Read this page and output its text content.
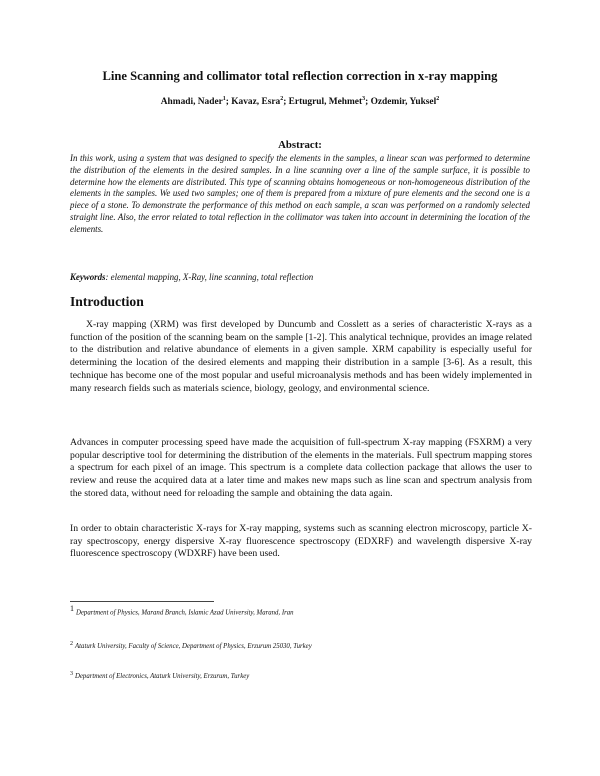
Line Scanning and collimator total reflection correction in x-ray mapping
Ahmadi, Nader$^1$; Kavaz, Esra$^2$; Ertugrul, Mehmet$^3$; Ozdemir, Yuksel$^2$
Abstract:

In this work, using a system that was designed to specify the elements in the samples, a linear scan was performed to determine the distribution of the elements in the desired samples. In a line scanning over a line of the sample surface, it is possible to determine how the elements are distributed. This type of scanning obtains homogeneous or non-homogeneous distribution of the elements in the samples. We used two samples; one of them is prepared from a mixture of pure elements and the second one is a piece of a stone. To demonstrate the performance of this method on each sample, a scan was performed on a randomly selected straight line. Also, the error related to total reflection in the collimator was taken into account in determining the location of the elements.

Keywords: elemental mapping, X-Ray, line scanning, total reflection

Introduction

X-ray mapping (XRM) was first developed by Duncumb and Cosslett as a series of characteristic X-rays as a function of the position of the scanning beam on the sample [1-2]. This analytical technique, provides an image related to the distribution and relative abundance of elements in a given sample. XRM capability is especially useful for determining the location of the desired elements and mapping their distribution in a sample [3-6]. As a result, this technique has become one of the most popular and useful microanalysis methods and has been widely implemented in many research fields such as materials science, biology, geology, and environmental science.

Advances in computer processing speed have made the acquisition of full-spectrum X-ray mapping (FSXRM) a very popular descriptive tool for determining the distribution of the elements in the materials. Full spectrum mapping stores a spectrum for each pixel of an image. This spectrum is a complete data collection package that allows the user to review and reuse the acquired data at a later time and makes new maps such as line scan and spectrum analysis from the stored data, without need for reloading the sample and obtaining the data again.

In order to obtain characteristic X-rays for X-ray mapping, systems such as scanning electron microscopy, particle X-ray spectroscopy, energy dispersive X-ray fluorescence spectroscopy (EDXRF) and wavelength dispersive X-ray fluorescence spectroscopy (WDXRF) have been used.

$^1$ Department of Physics, Marand Branch, Islamic Azad University, Marand, Iran

$^2$ Ataturk University, Faculty of Science, Department of Physics, Erzurum 25030, Turkey

$^3$ Department of Electronics, Ataturk University, Erzurum, Turkey
